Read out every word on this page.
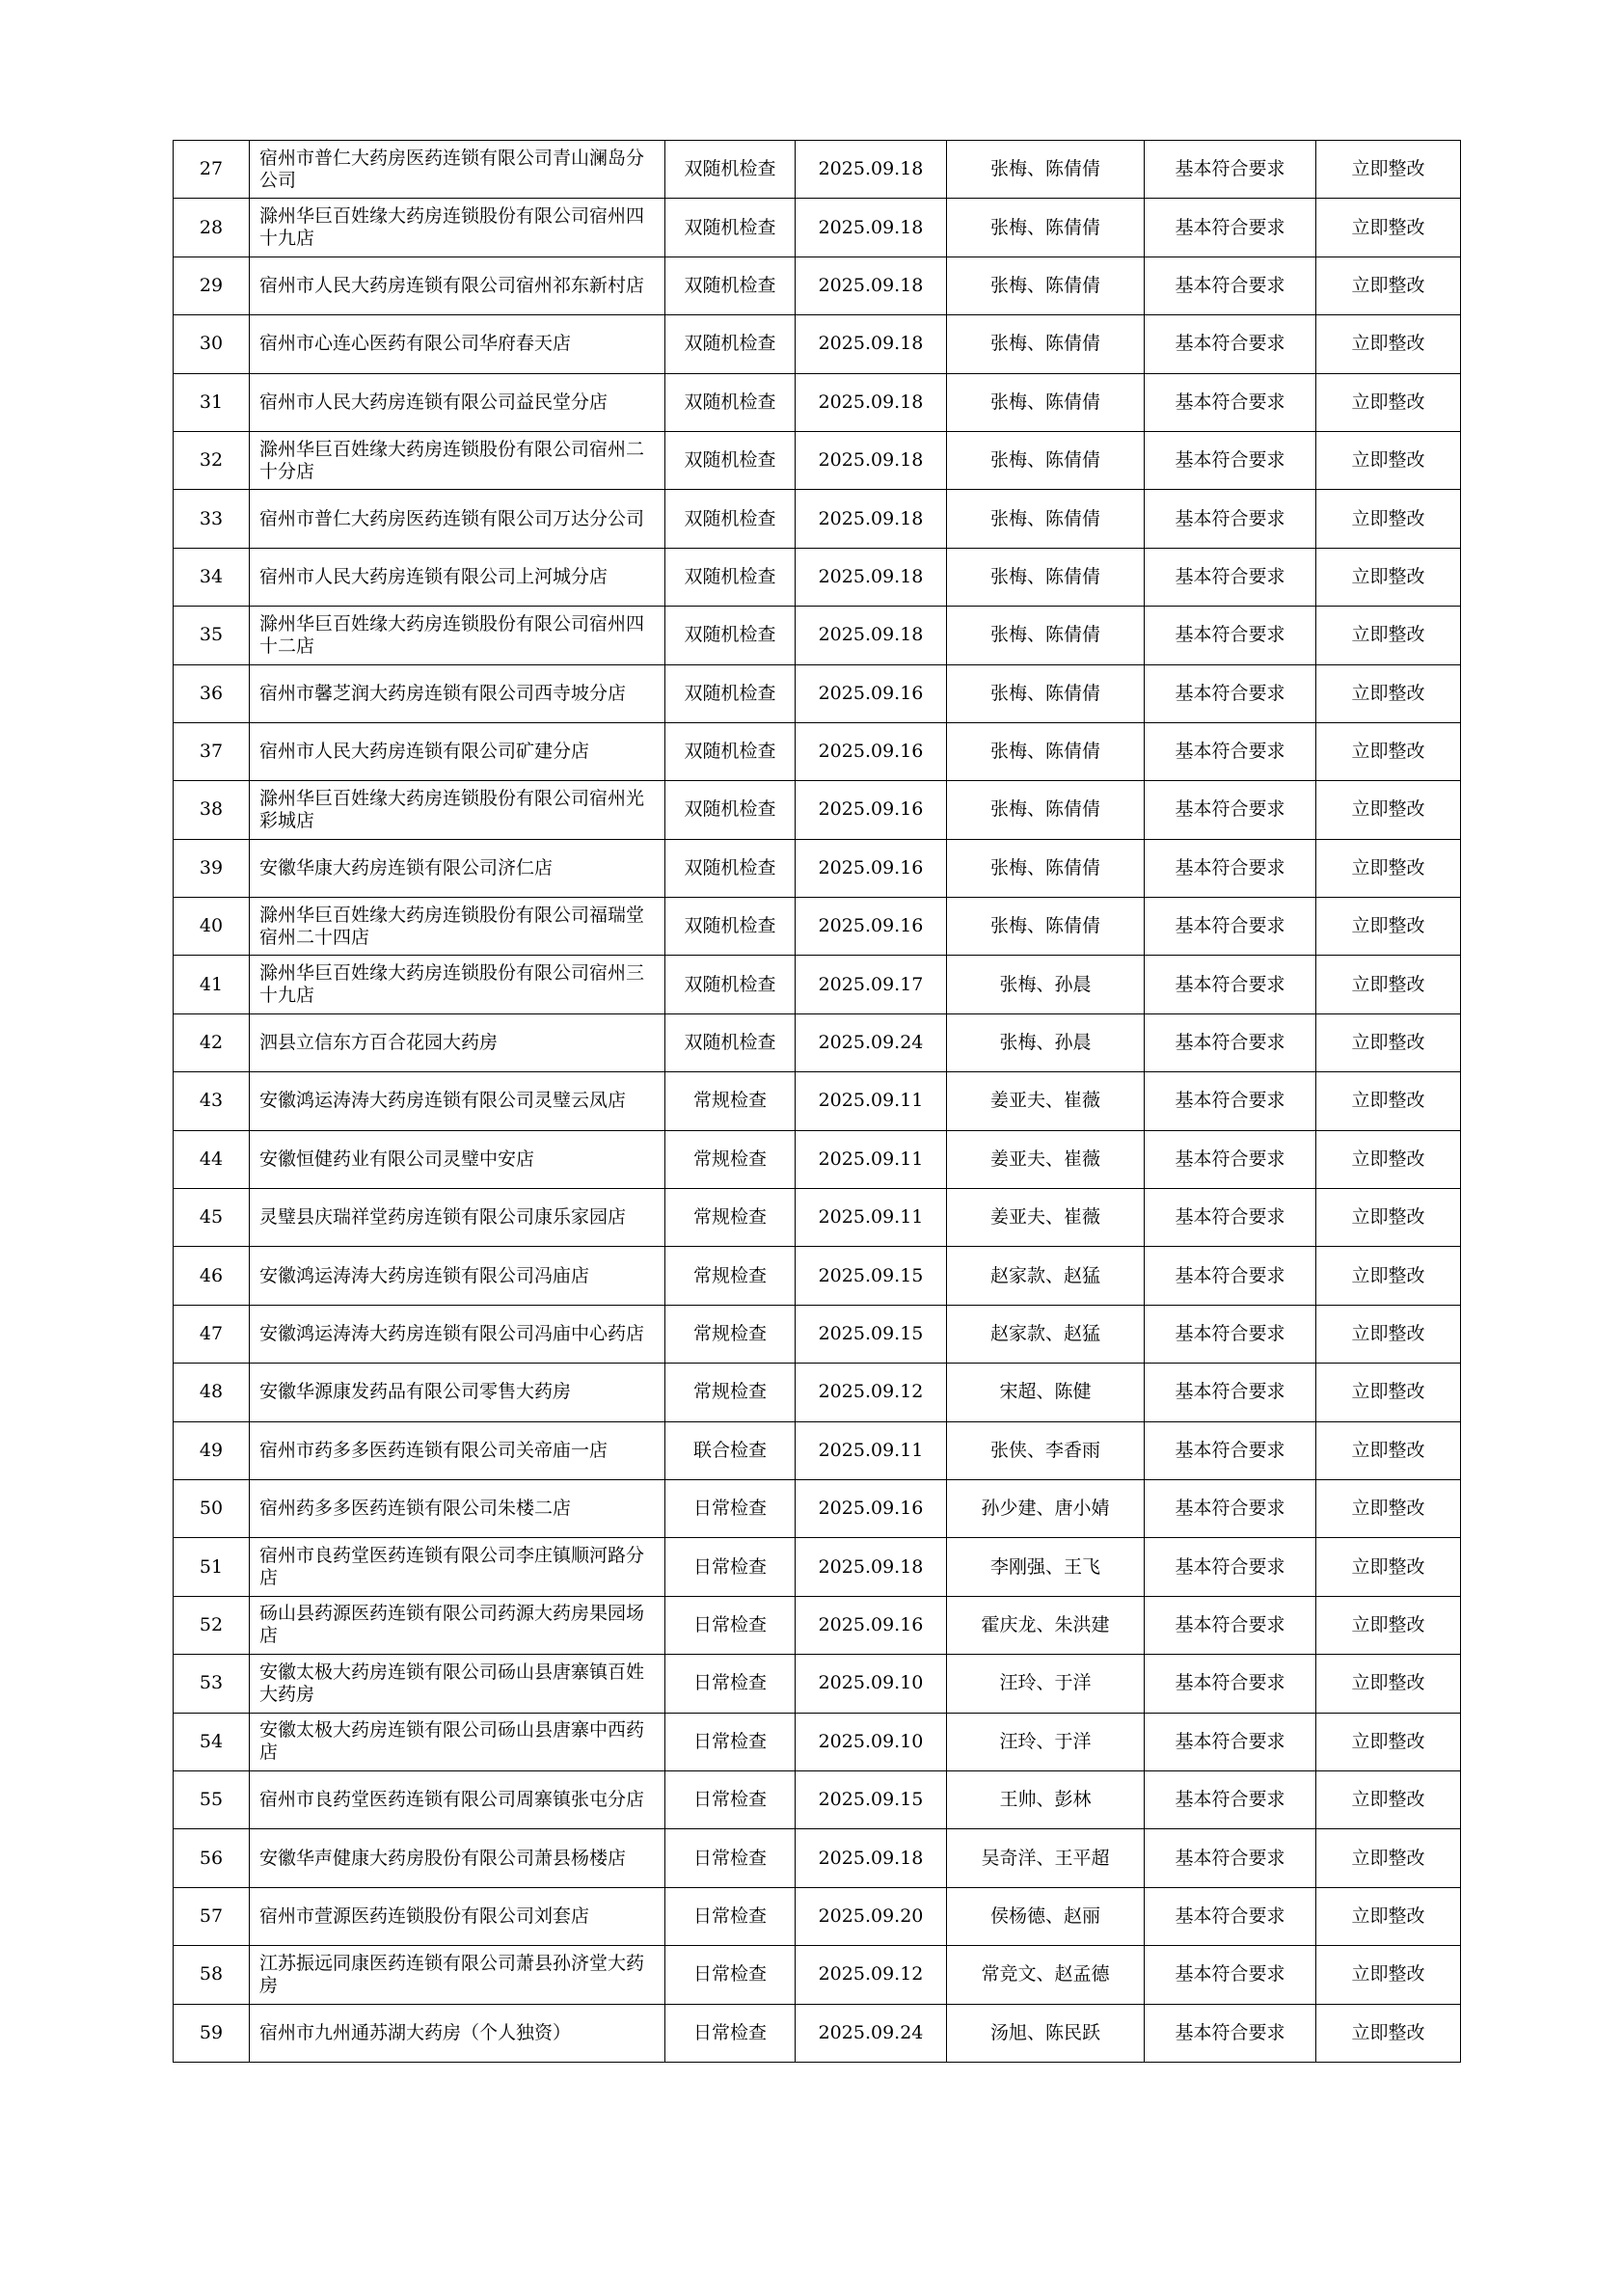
27	宿州市普仁大药房医药连锁有限公司青山澜岛分公司	双随机检查	2025.09.18	张梅、陈倩倩	基本符合要求	立即整改
28	滁州华巨百姓缘大药房连锁股份有限公司宿州四十九店	双随机检查	2025.09.18	张梅、陈倩倩	基本符合要求	立即整改
29	宿州市人民大药房连锁有限公司宿州祁东新村店	双随机检查	2025.09.18	张梅、陈倩倩	基本符合要求	立即整改
30	宿州市心连心医药有限公司华府春天店	双随机检查	2025.09.18	张梅、陈倩倩	基本符合要求	立即整改
31	宿州市人民大药房连锁有限公司益民堂分店	双随机检查	2025.09.18	张梅、陈倩倩	基本符合要求	立即整改
32	滁州华巨百姓缘大药房连锁股份有限公司宿州二十分店	双随机检查	2025.09.18	张梅、陈倩倩	基本符合要求	立即整改
33	宿州市普仁大药房医药连锁有限公司万达分公司	双随机检查	2025.09.18	张梅、陈倩倩	基本符合要求	立即整改
34	宿州市人民大药房连锁有限公司上河城分店	双随机检查	2025.09.18	张梅、陈倩倩	基本符合要求	立即整改
35	滁州华巨百姓缘大药房连锁股份有限公司宿州四十二店	双随机检查	2025.09.18	张梅、陈倩倩	基本符合要求	立即整改
36	宿州市馨芝润大药房连锁有限公司西寺坡分店	双随机检查	2025.09.16	张梅、陈倩倩	基本符合要求	立即整改
37	宿州市人民大药房连锁有限公司矿建分店	双随机检查	2025.09.16	张梅、陈倩倩	基本符合要求	立即整改
38	滁州华巨百姓缘大药房连锁股份有限公司宿州光彩城店	双随机检查	2025.09.16	张梅、陈倩倩	基本符合要求	立即整改
39	安徽华康大药房连锁有限公司济仁店	双随机检查	2025.09.16	张梅、陈倩倩	基本符合要求	立即整改
40	滁州华巨百姓缘大药房连锁股份有限公司福瑞堂宿州二十四店	双随机检查	2025.09.16	张梅、陈倩倩	基本符合要求	立即整改
41	滁州华巨百姓缘大药房连锁股份有限公司宿州三十九店	双随机检查	2025.09.17	张梅、孙晨	基本符合要求	立即整改
42	泗县立信东方百合花园大药房	双随机检查	2025.09.24	张梅、孙晨	基本符合要求	立即整改
43	安徽鸿运涛涛大药房连锁有限公司灵璧云凤店	常规检查	2025.09.11	姜亚夫、崔薇	基本符合要求	立即整改
44	安徽恒健药业有限公司灵璧中安店	常规检查	2025.09.11	姜亚夫、崔薇	基本符合要求	立即整改
45	灵璧县庆瑞祥堂药房连锁有限公司康乐家园店	常规检查	2025.09.11	姜亚夫、崔薇	基本符合要求	立即整改
46	安徽鸿运涛涛大药房连锁有限公司冯庙店	常规检查	2025.09.15	赵家款、赵猛	基本符合要求	立即整改
47	安徽鸿运涛涛大药房连锁有限公司冯庙中心药店	常规检查	2025.09.15	赵家款、赵猛	基本符合要求	立即整改
48	安徽华源康发药品有限公司零售大药房	常规检查	2025.09.12	宋超、陈健	基本符合要求	立即整改
49	宿州市药多多医药连锁有限公司关帝庙一店	联合检查	2025.09.11	张侠、李香雨	基本符合要求	立即整改
50	宿州药多多医药连锁有限公司朱楼二店	日常检查	2025.09.16	孙少建、唐小婧	基本符合要求	立即整改
51	宿州市良药堂医药连锁有限公司李庄镇顺河路分店	日常检查	2025.09.18	李刚强、王飞	基本符合要求	立即整改
52	砀山县药源医药连锁有限公司药源大药房果园场店	日常检查	2025.09.16	霍庆龙、朱洪建	基本符合要求	立即整改
53	安徽太极大药房连锁有限公司砀山县唐寨镇百姓大药房	日常检查	2025.09.10	汪玲、于洋	基本符合要求	立即整改
54	安徽太极大药房连锁有限公司砀山县唐寨中西药店	日常检查	2025.09.10	汪玲、于洋	基本符合要求	立即整改
55	宿州市良药堂医药连锁有限公司周寨镇张屯分店	日常检查	2025.09.15	王帅、彭林	基本符合要求	立即整改
56	安徽华声健康大药房股份有限公司萧县杨楼店	日常检查	2025.09.18	吴奇洋、王平超	基本符合要求	立即整改
57	宿州市萱源医药连锁股份有限公司刘套店	日常检查	2025.09.20	侯杨德、赵丽	基本符合要求	立即整改
58	江苏振远同康医药连锁有限公司萧县孙济堂大药房	日常检查	2025.09.12	常竞文、赵孟德	基本符合要求	立即整改
59	宿州市九州通苏湖大药房（个人独资）	日常检查	2025.09.24	汤旭、陈民跃	基本符合要求	立即整改
